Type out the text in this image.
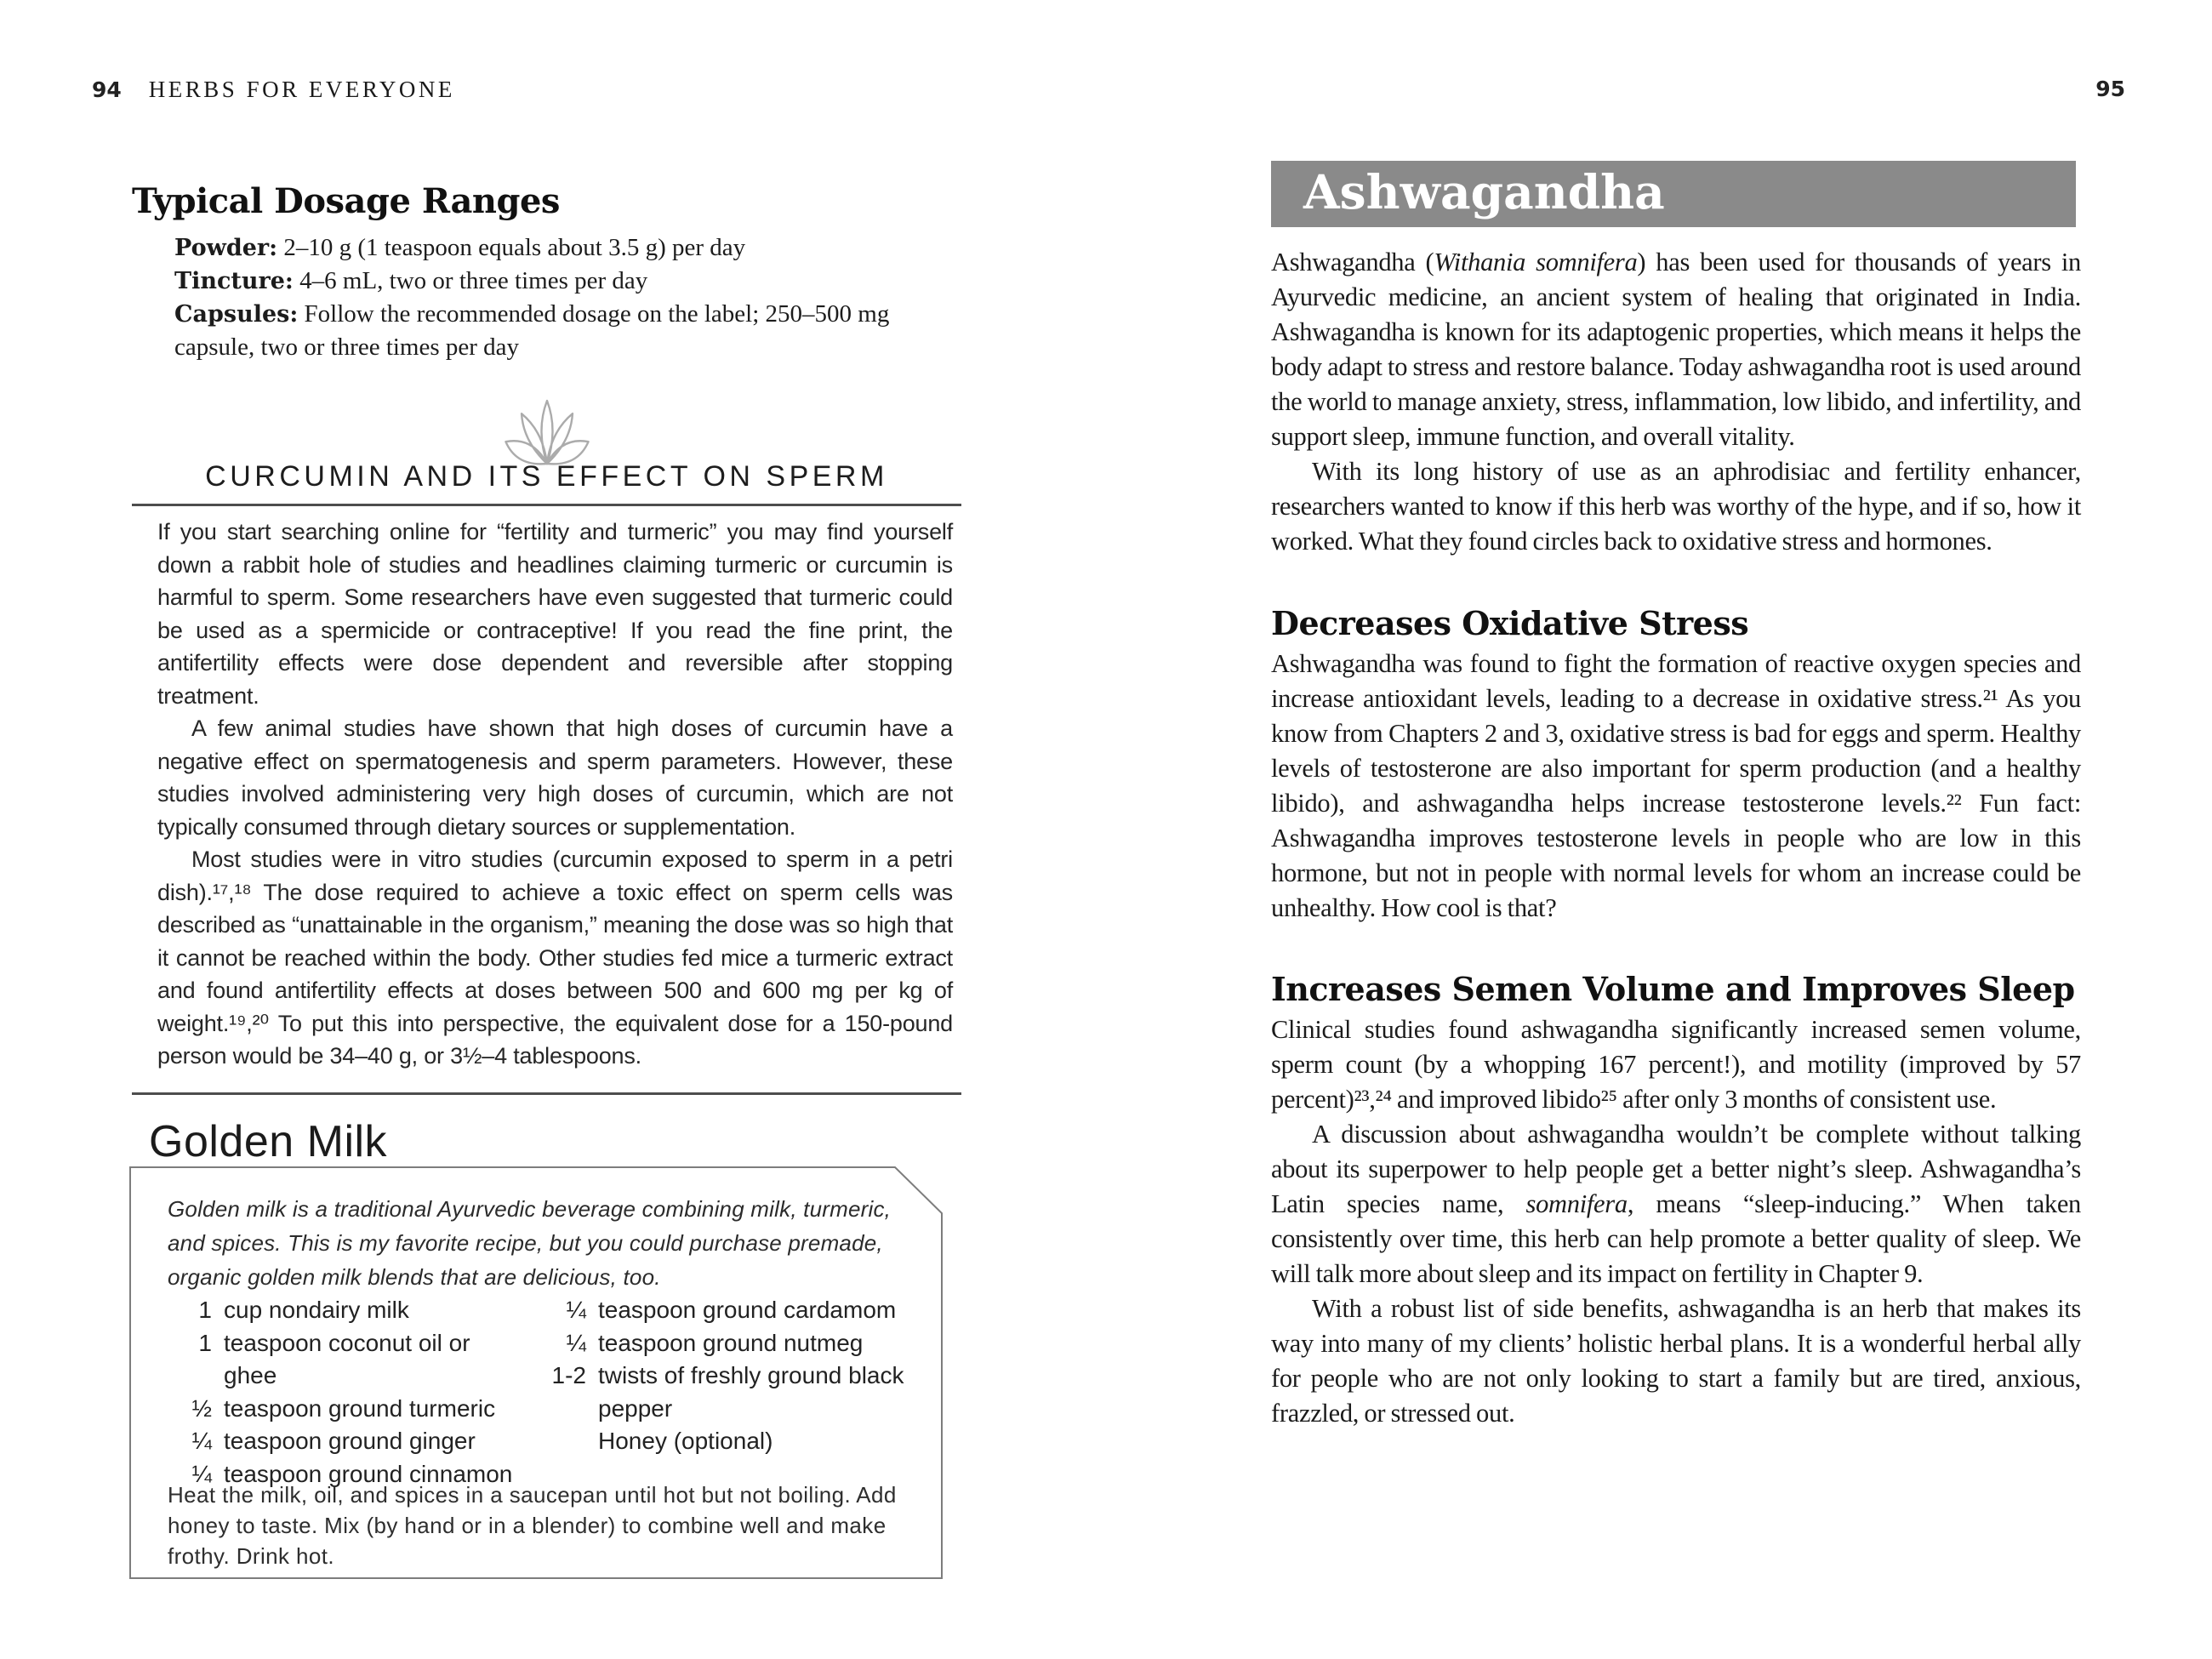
94 HERBS FOR EVERYONE
Typical Dosage Ranges
Powder: 2–10 g (1 teaspoon equals about 3.5 g) per day
Tincture: 4–6 mL, two or three times per day
Capsules: Follow the recommended dosage on the label; 250–500 mg capsule, two or three times per day
CURCUMIN AND ITS EFFECT ON SPERM

If you start searching online for “fertility and turmeric” you may find yourself down a rabbit hole of studies and headlines claiming turmeric or curcumin is harmful to sperm. Some researchers have even suggested that turmeric could be used as a spermicide or contraceptive! If you read the fine print, the antifertility effects were dose dependent and reversible after stopping treatment.

A few animal studies have shown that high doses of curcumin have a negative effect on spermatogenesis and sperm parameters. However, these studies involved administering very high doses of curcumin, which are not typically consumed through dietary sources or supplementation.

Most studies were in vitro studies (curcumin exposed to sperm in a petri dish).¹⁷,¹⁸ The dose required to achieve a toxic effect on sperm cells was described as “unattainable in the organism,” meaning the dose was so high that it cannot be reached within the body. Other studies fed mice a turmeric extract and found antifertility effects at doses between 500 and 600 mg per kg of weight.¹⁹,²⁰ To put this into perspective, the equivalent dose for a 150-pound person would be 34–40 g, or 3½–4 tablespoons.

Golden Milk
Golden milk is a traditional Ayurvedic beverage combining milk, turmeric, and spices. This is my favorite recipe, but you could purchase premade, organic golden milk blends that are delicious, too.
1 cup nondairy milk
1 teaspoon coconut oil or ghee
½ teaspoon ground turmeric
¼ teaspoon ground ginger
¼ teaspoon ground cinnamon
¼ teaspoon ground cardamom
¼ teaspoon ground nutmeg
1-2 twists of freshly ground black pepper
Honey (optional)
Heat the milk, oil, and spices in a saucepan until hot but not boiling. Add honey to taste. Mix (by hand or in a blender) to combine well and make frothy. Drink hot.
95
Ashwagandha

Ashwagandha (Withania somnifera) has been used for thousands of years in Ayurvedic medicine, an ancient system of healing that originated in India. Ashwagandha is known for its adaptogenic properties, which means it helps the body adapt to stress and restore balance. Today ashwagandha root is used around the world to manage anxiety, stress, inflammation, low libido, and infertility, and support sleep, immune function, and overall vitality.

With its long history of use as an aphrodisiac and fertility enhancer, researchers wanted to know if this herb was worthy of the hype, and if so, how it worked. What they found circles back to oxidative stress and hormones.

Decreases Oxidative Stress

Ashwagandha was found to fight the formation of reactive oxygen species and increase antioxidant levels, leading to a decrease in oxidative stress.²¹ As you know from Chapters 2 and 3, oxidative stress is bad for eggs and sperm. Healthy levels of testosterone are also important for sperm production (and a healthy libido), and ashwagandha helps increase testosterone levels.²² Fun fact: Ashwagandha improves testosterone levels in people who are low in this hormone, but not in people with normal levels for whom an increase could be unhealthy. How cool is that?

Increases Semen Volume and Improves Sleep

Clinical studies found ashwagandha significantly increased semen volume, sperm count (by a whopping 167 percent!), and motility (improved by 57 percent)²³,²⁴ and improved libido²⁵ after only 3 months of consistent use.

A discussion about ashwagandha wouldn’t be complete without talking about its superpower to help people get a better night’s sleep. Ashwagandha’s Latin species name, somnifera, means “sleep-inducing.” When taken consistently over time, this herb can help promote a better quality of sleep. We will talk more about sleep and its impact on fertility in Chapter 9.

With a robust list of side benefits, ashwagandha is an herb that makes its way into many of my clients’ holistic herbal plans. It is a wonderful herbal ally for people who are not only looking to start a family but are tired, anxious, frazzled, or stressed out.
